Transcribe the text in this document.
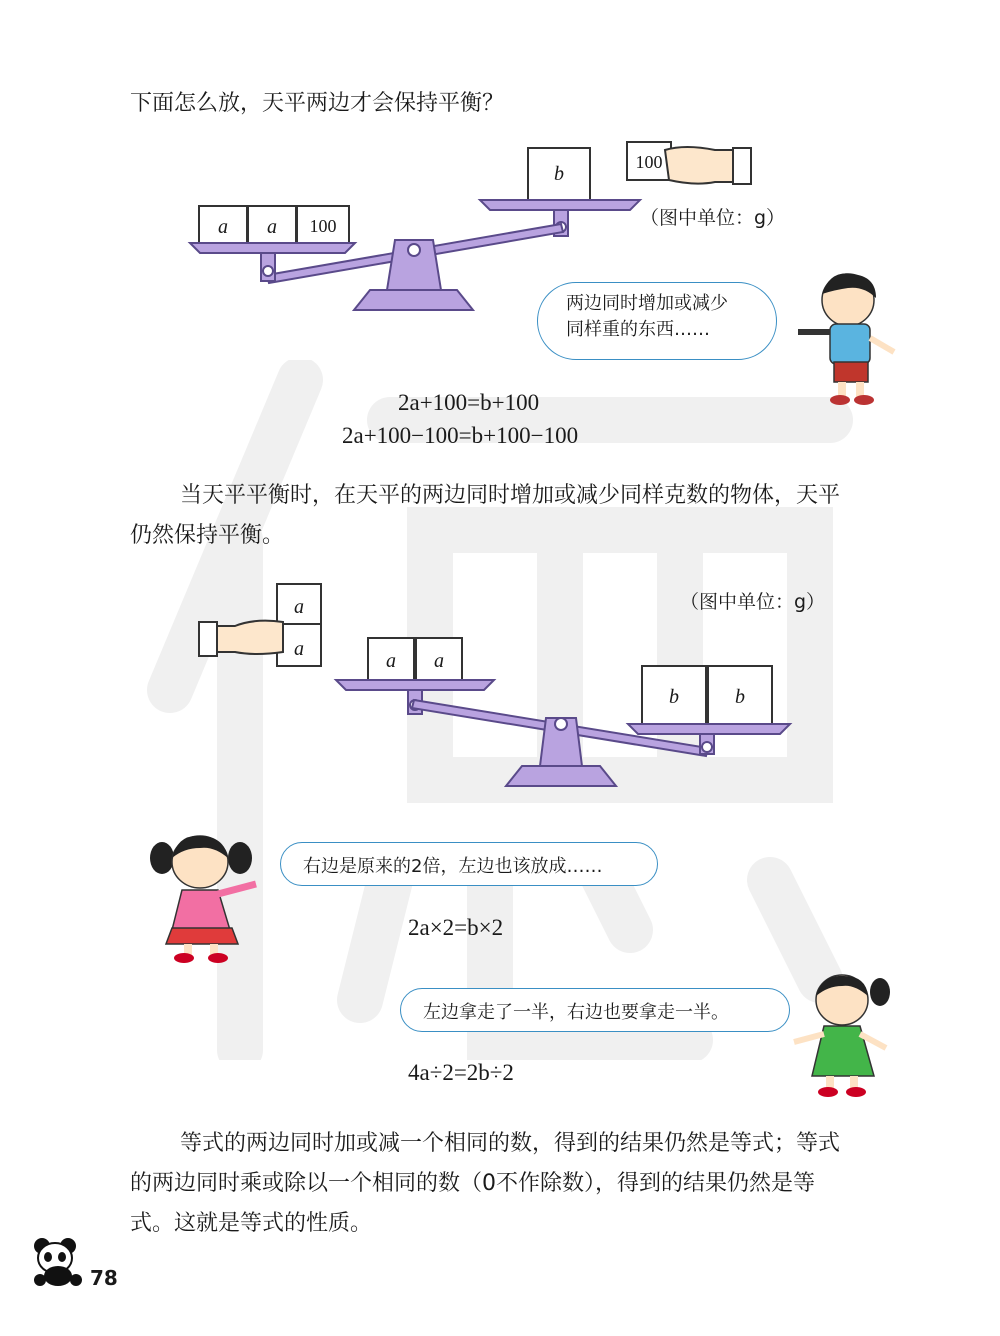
下面怎么放，天平两边才会保持平衡？
a	a	100
b
100
（图中单位：g）
两边同时增加或减少
同样重的东西……
2a+100=b+100
2a+100−100=b+100−100
当天平平衡时，在天平的两边同时增加或减少同样克数的物体，天平
仍然保持平衡。
（图中单位：g）
a
a
a	a
b	b
右边是原来的2倍，左边也该放成……
2a×2=b×2
左边拿走了一半，右边也要拿走一半。
4a÷2=2b÷2
等式的两边同时加或减一个相同的数，得到的结果仍然是等式；等式
的两边同时乘或除以一个相同的数（0不作除数），得到的结果仍然是等
式。这就是等式的性质。
78
